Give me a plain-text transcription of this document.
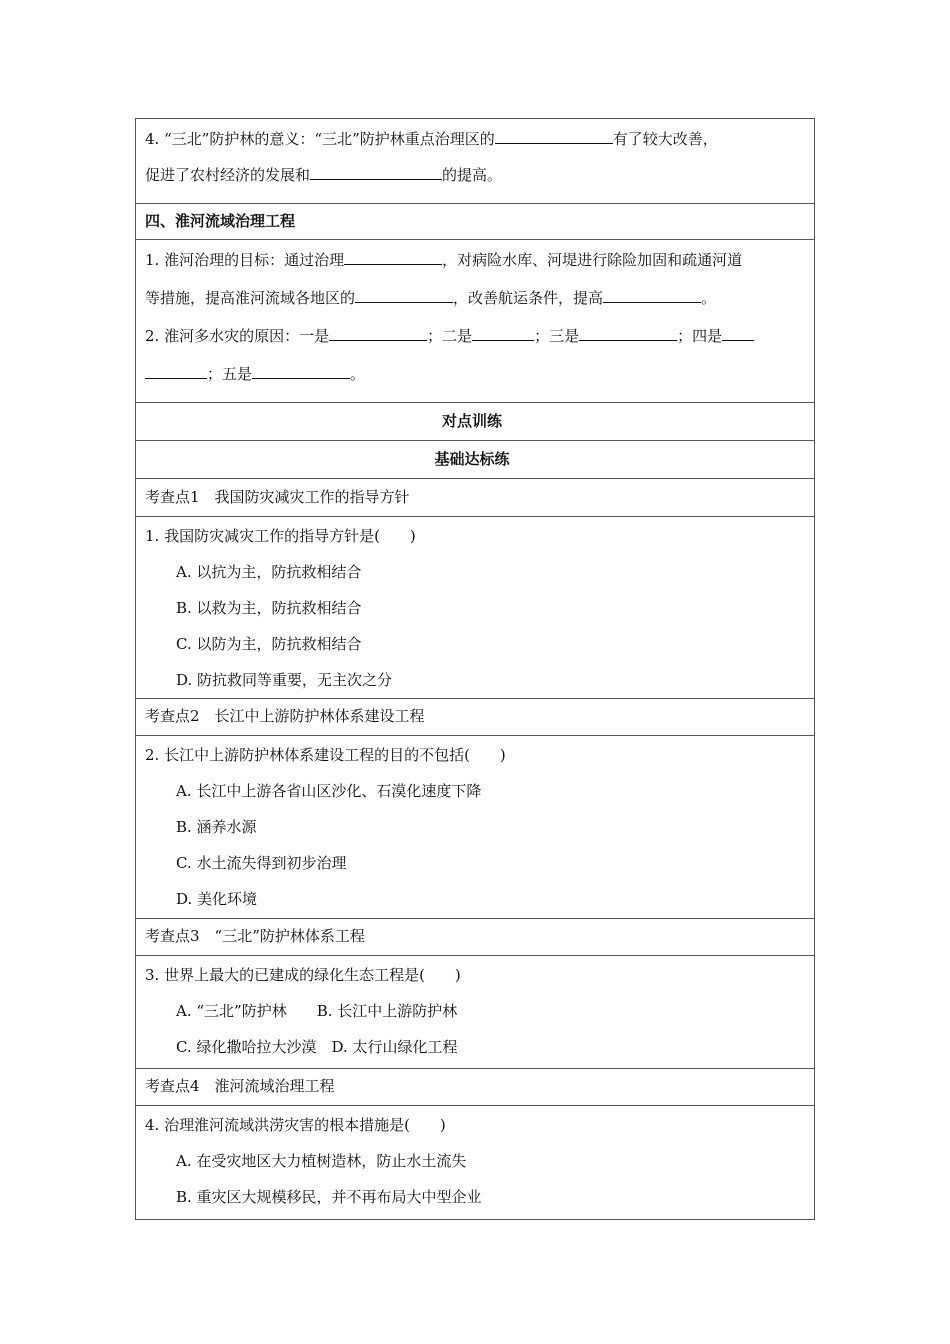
4. “三北”防护林的意义：“三北”防护林重点治理区的	有了较大改善，
促进了农村经济的发展和	的提高。
四、淮河流域治理工程
1. 淮河治理的目标：通过治理	，对病险水库、河堤进行除险加固和疏通河道
等措施，提高淮河流域各地区的	，改善航运条件，提高	。
2. 淮河多水灾的原因：一是	；二是	；三是	；四是
；五是	。
对点训练
基础达标练
考查点1　我国防灾减灾工作的指导方针
1. 我国防灾减灾工作的指导方针是(　　)
A. 以抗为主，防抗救相结合
B. 以救为主，防抗救相结合
C. 以防为主，防抗救相结合
D. 防抗救同等重要，无主次之分
考查点2　长江中上游防护林体系建设工程
2. 长江中上游防护林体系建设工程的目的不包括(　　)
A. 长江中上游各省山区沙化、石漠化速度下降
B. 涵养水源
C. 水土流失得到初步治理
D. 美化环境
考查点3　“三北”防护林体系工程
3. 世界上最大的已建成的绿化生态工程是(　　)
A. “三北”防护林　　B. 长江中上游防护林
C. 绿化撒哈拉大沙漠　D. 太行山绿化工程
考查点4　淮河流域治理工程
4. 治理淮河流域洪涝灾害的根本措施是(　　)
A. 在受灾地区大力植树造林，防止水土流失
B. 重灾区大规模移民，并不再布局大中型企业
